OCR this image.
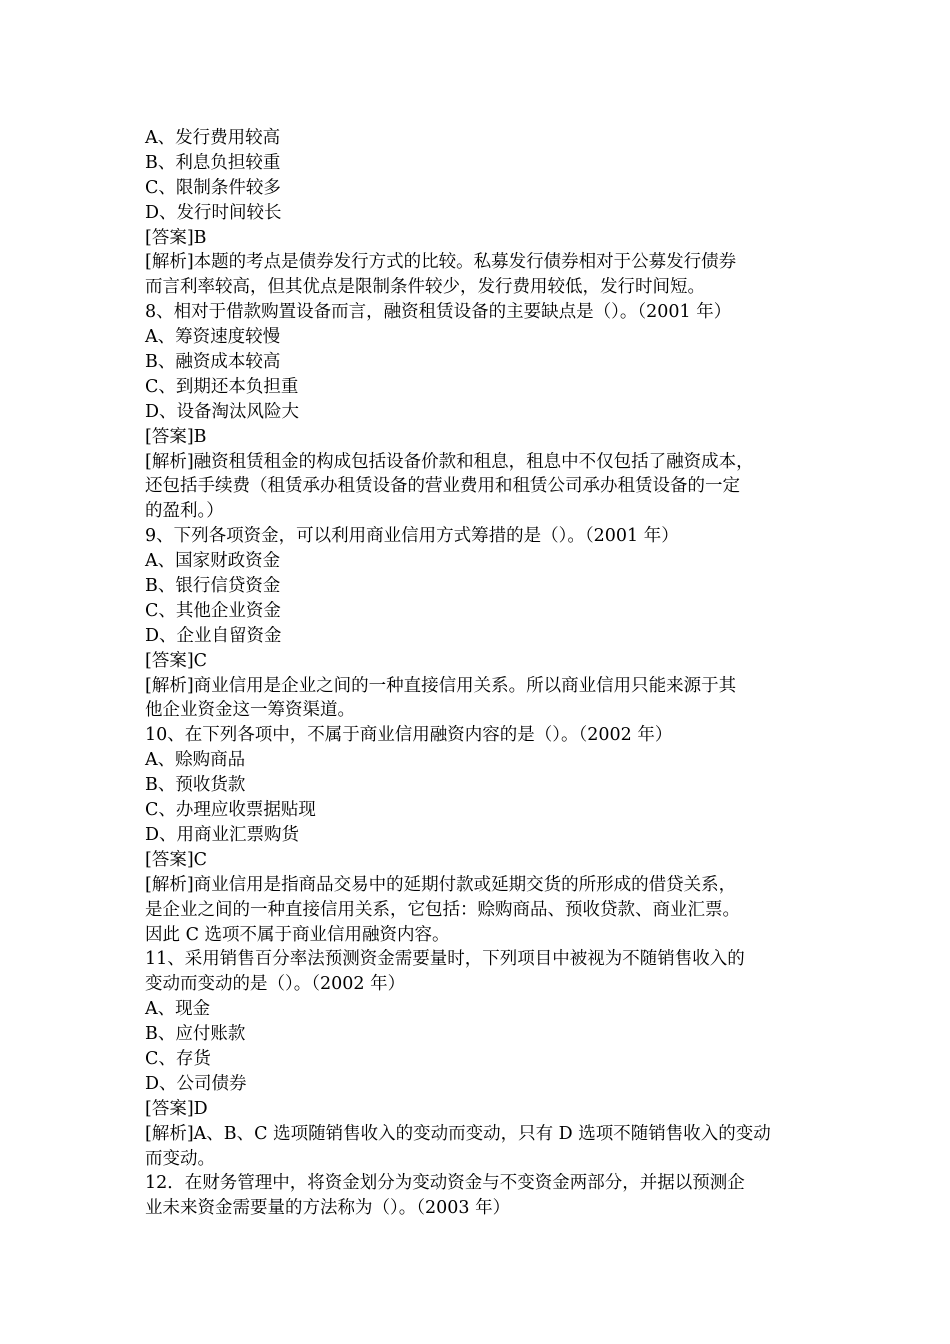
A、发行费用较高
B、利息负担较重
C、限制条件较多
D、发行时间较长
[答案]B
[解析]本题的考点是债券发行方式的比较。私募发行债券相对于公募发行债券
而言利率较高，但其优点是限制条件较少，发行费用较低，发行时间短。
8、相对于借款购置设备而言，融资租赁设备的主要缺点是（）。（2001 年）
A、筹资速度较慢
B、融资成本较高
C、到期还本负担重
D、设备淘汰风险大
[答案]B
[解析]融资租赁租金的构成包括设备价款和租息，租息中不仅包括了融资成本，
还包括手续费（租赁承办租赁设备的营业费用和租赁公司承办租赁设备的一定
的盈利。）
9、下列各项资金，可以利用商业信用方式筹措的是（）。（2001 年）
A、国家财政资金
B、银行信贷资金
C、其他企业资金
D、企业自留资金
[答案]C
[解析]商业信用是企业之间的一种直接信用关系。所以商业信用只能来源于其
他企业资金这一筹资渠道。
10、在下列各项中，不属于商业信用融资内容的是（）。（2002 年）
A、赊购商品
B、预收货款
C、办理应收票据贴现
D、用商业汇票购货
[答案]C
[解析]商业信用是指商品交易中的延期付款或延期交货的所形成的借贷关系，
是企业之间的一种直接信用关系，它包括：赊购商品、预收贷款、商业汇票。
因此 C 选项不属于商业信用融资内容。
11、采用销售百分率法预测资金需要量时，下列项目中被视为不随销售收入的
变动而变动的是（）。（2002 年）
A、现金
B、应付账款
C、存货
D、公司债券
[答案]D
[解析]A、B、C 选项随销售收入的变动而变动，只有 D 选项不随销售收入的变动
而变动。
12．在财务管理中，将资金划分为变动资金与不变资金两部分，并据以预测企
业未来资金需要量的方法称为（）。（2003 年）
